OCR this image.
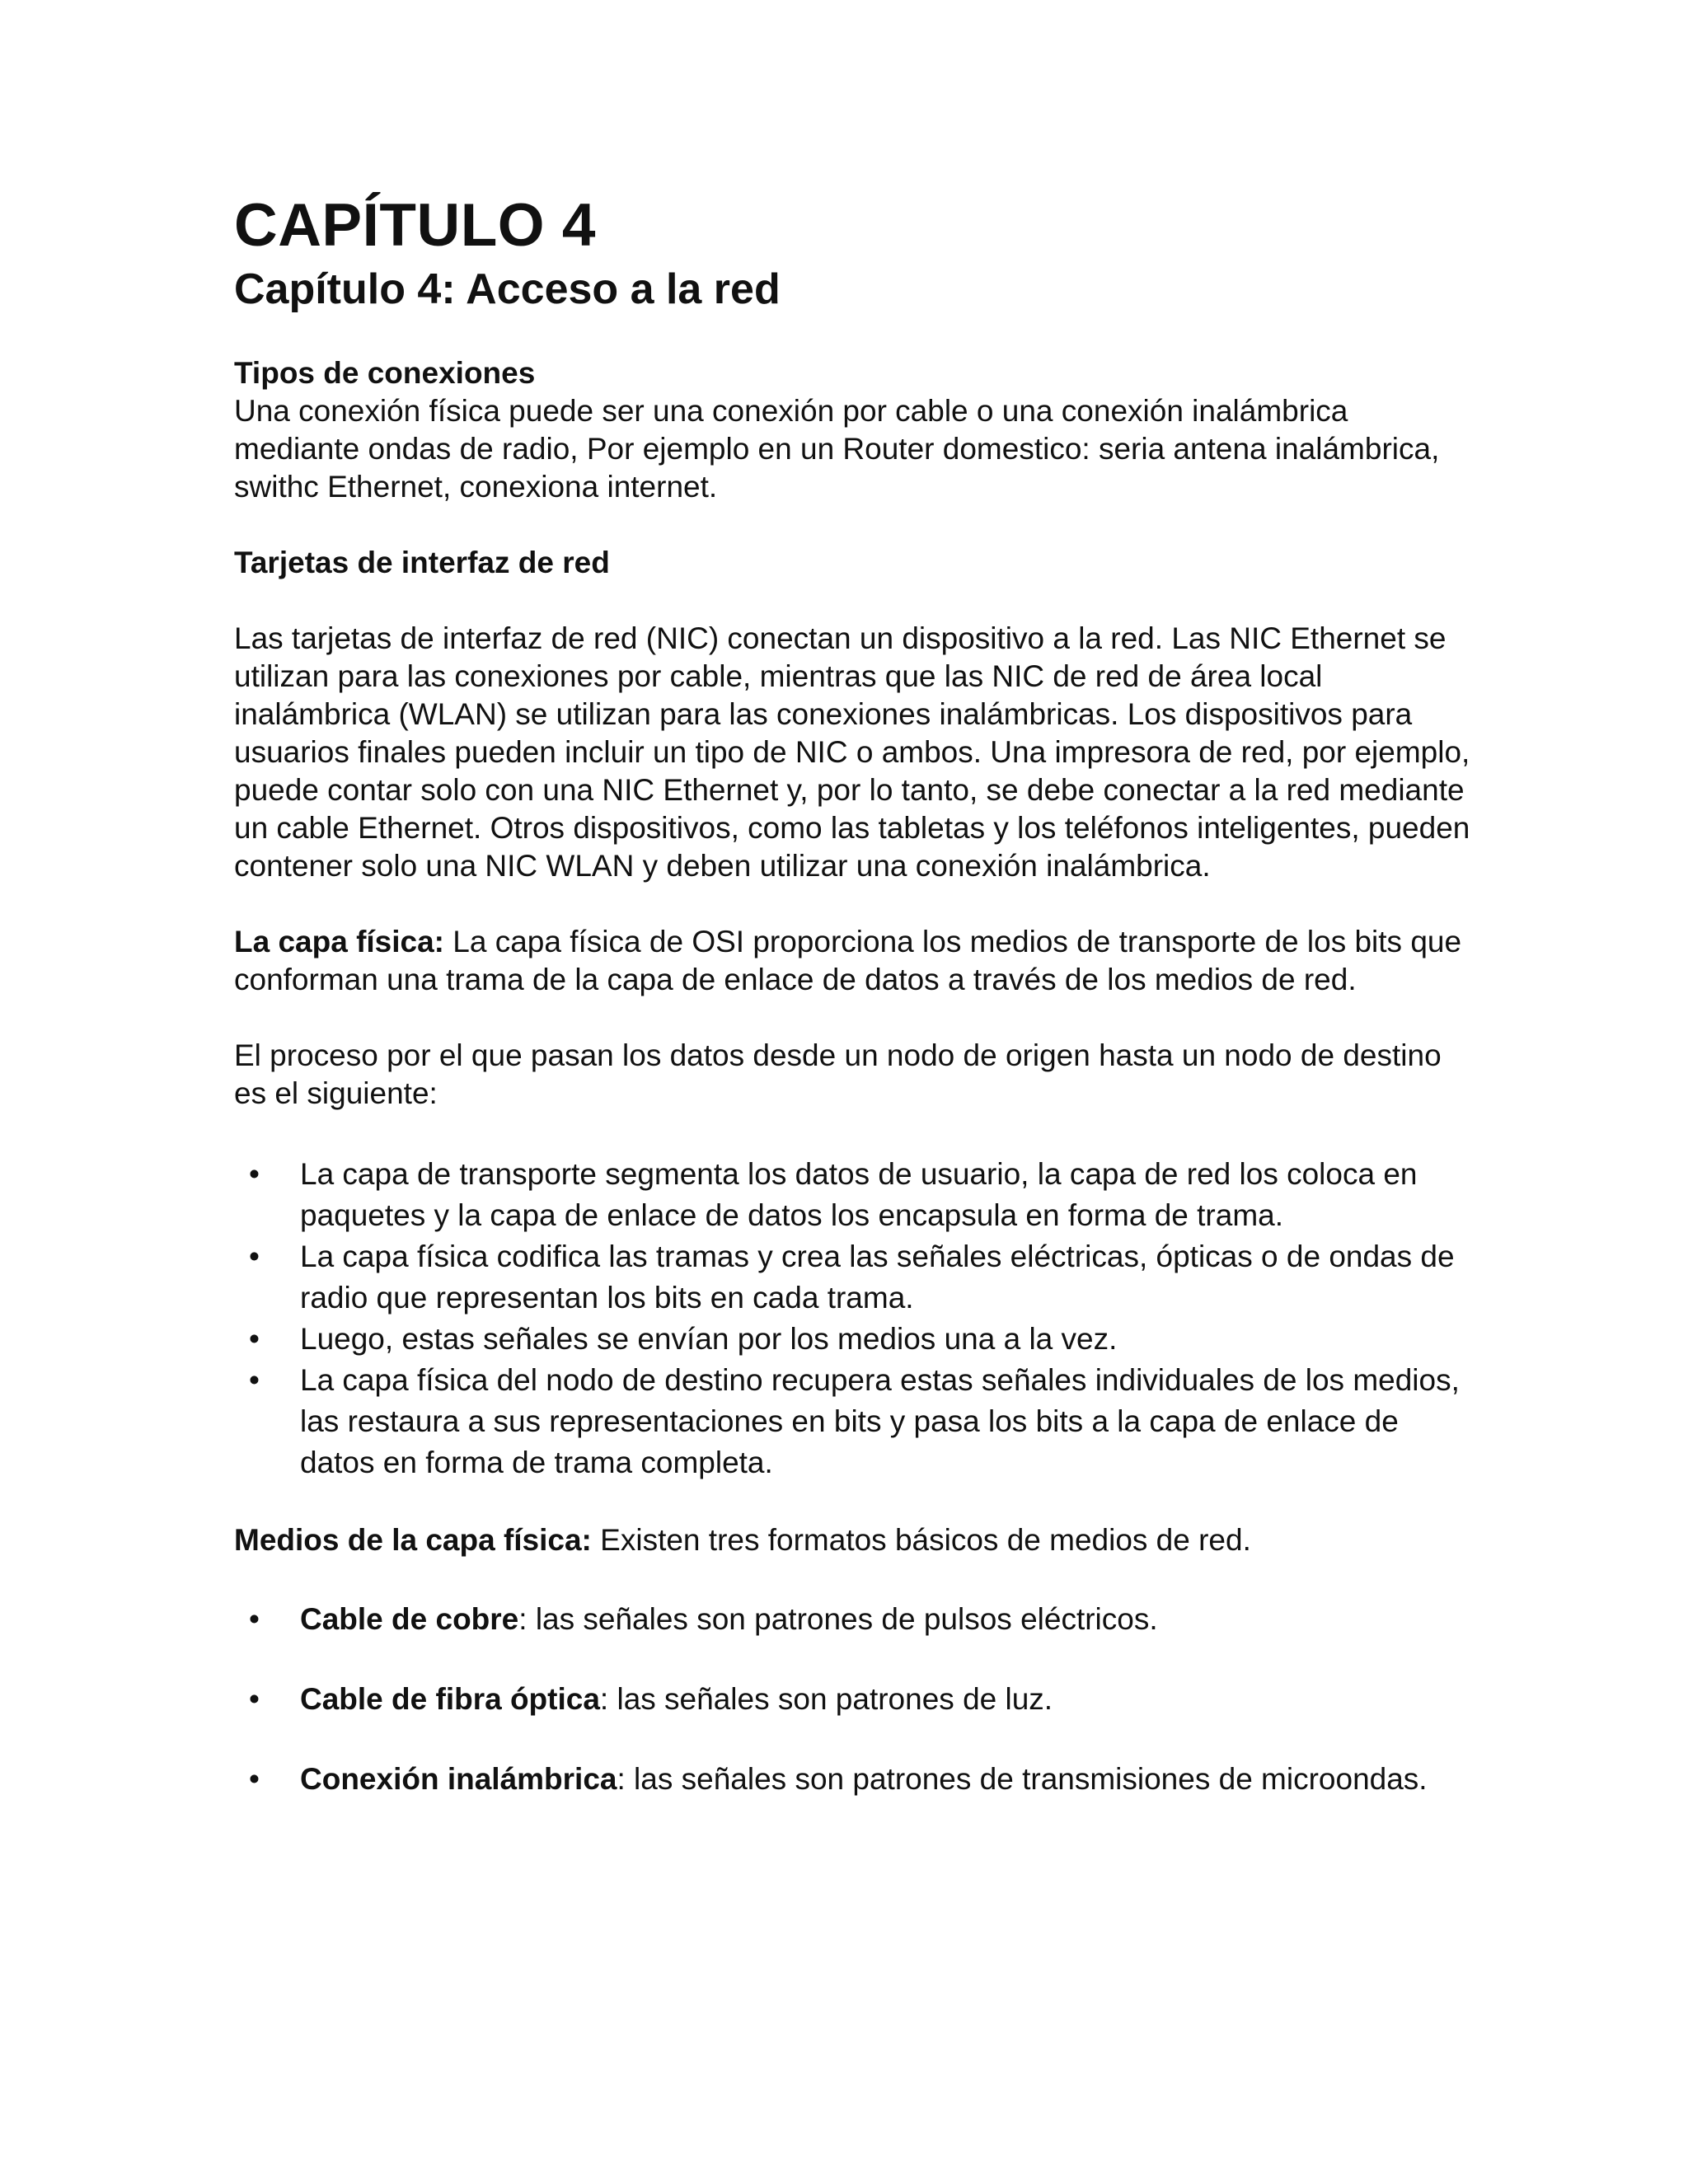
CAPÍTULO 4
Capítulo 4: Acceso a la red
Tipos de conexiones

Una conexión física puede ser una conexión por cable o una conexión inalámbrica mediante ondas de radio, Por ejemplo en un Router domestico: seria antena inalámbrica, swithc Ethernet, conexiona internet.

Tarjetas de interfaz de red

Las tarjetas de interfaz de red (NIC) conectan un dispositivo a la red. Las NIC Ethernet se utilizan para las conexiones por cable, mientras que las NIC de red de área local inalámbrica (WLAN) se utilizan para las conexiones inalámbricas. Los dispositivos para usuarios finales pueden incluir un tipo de NIC o ambos. Una impresora de red, por ejemplo, puede contar solo con una NIC Ethernet y, por lo tanto, se debe conectar a la red mediante un cable Ethernet. Otros dispositivos, como las tabletas y los teléfonos inteligentes, pueden contener solo una NIC WLAN y deben utilizar una conexión inalámbrica.

La capa física: La capa física de OSI proporciona los medios de transporte de los bits que conforman una trama de la capa de enlace de datos a través de los medios de red.

El proceso por el que pasan los datos desde un nodo de origen hasta un nodo de destino es el siguiente:

• La capa de transporte segmenta los datos de usuario, la capa de red los coloca en paquetes y la capa de enlace de datos los encapsula en forma de trama.
• La capa física codifica las tramas y crea las señales eléctricas, ópticas o de ondas de radio que representan los bits en cada trama.
• Luego, estas señales se envían por los medios una a la vez.
• La capa física del nodo de destino recupera estas señales individuales de los medios, las restaura a sus representaciones en bits y pasa los bits a la capa de enlace de datos en forma de trama completa.

Medios de la capa física: Existen tres formatos básicos de medios de red.

• Cable de cobre: las señales son patrones de pulsos eléctricos.
• Cable de fibra óptica: las señales son patrones de luz.
• Conexión inalámbrica: las señales son patrones de transmisiones de microondas.
